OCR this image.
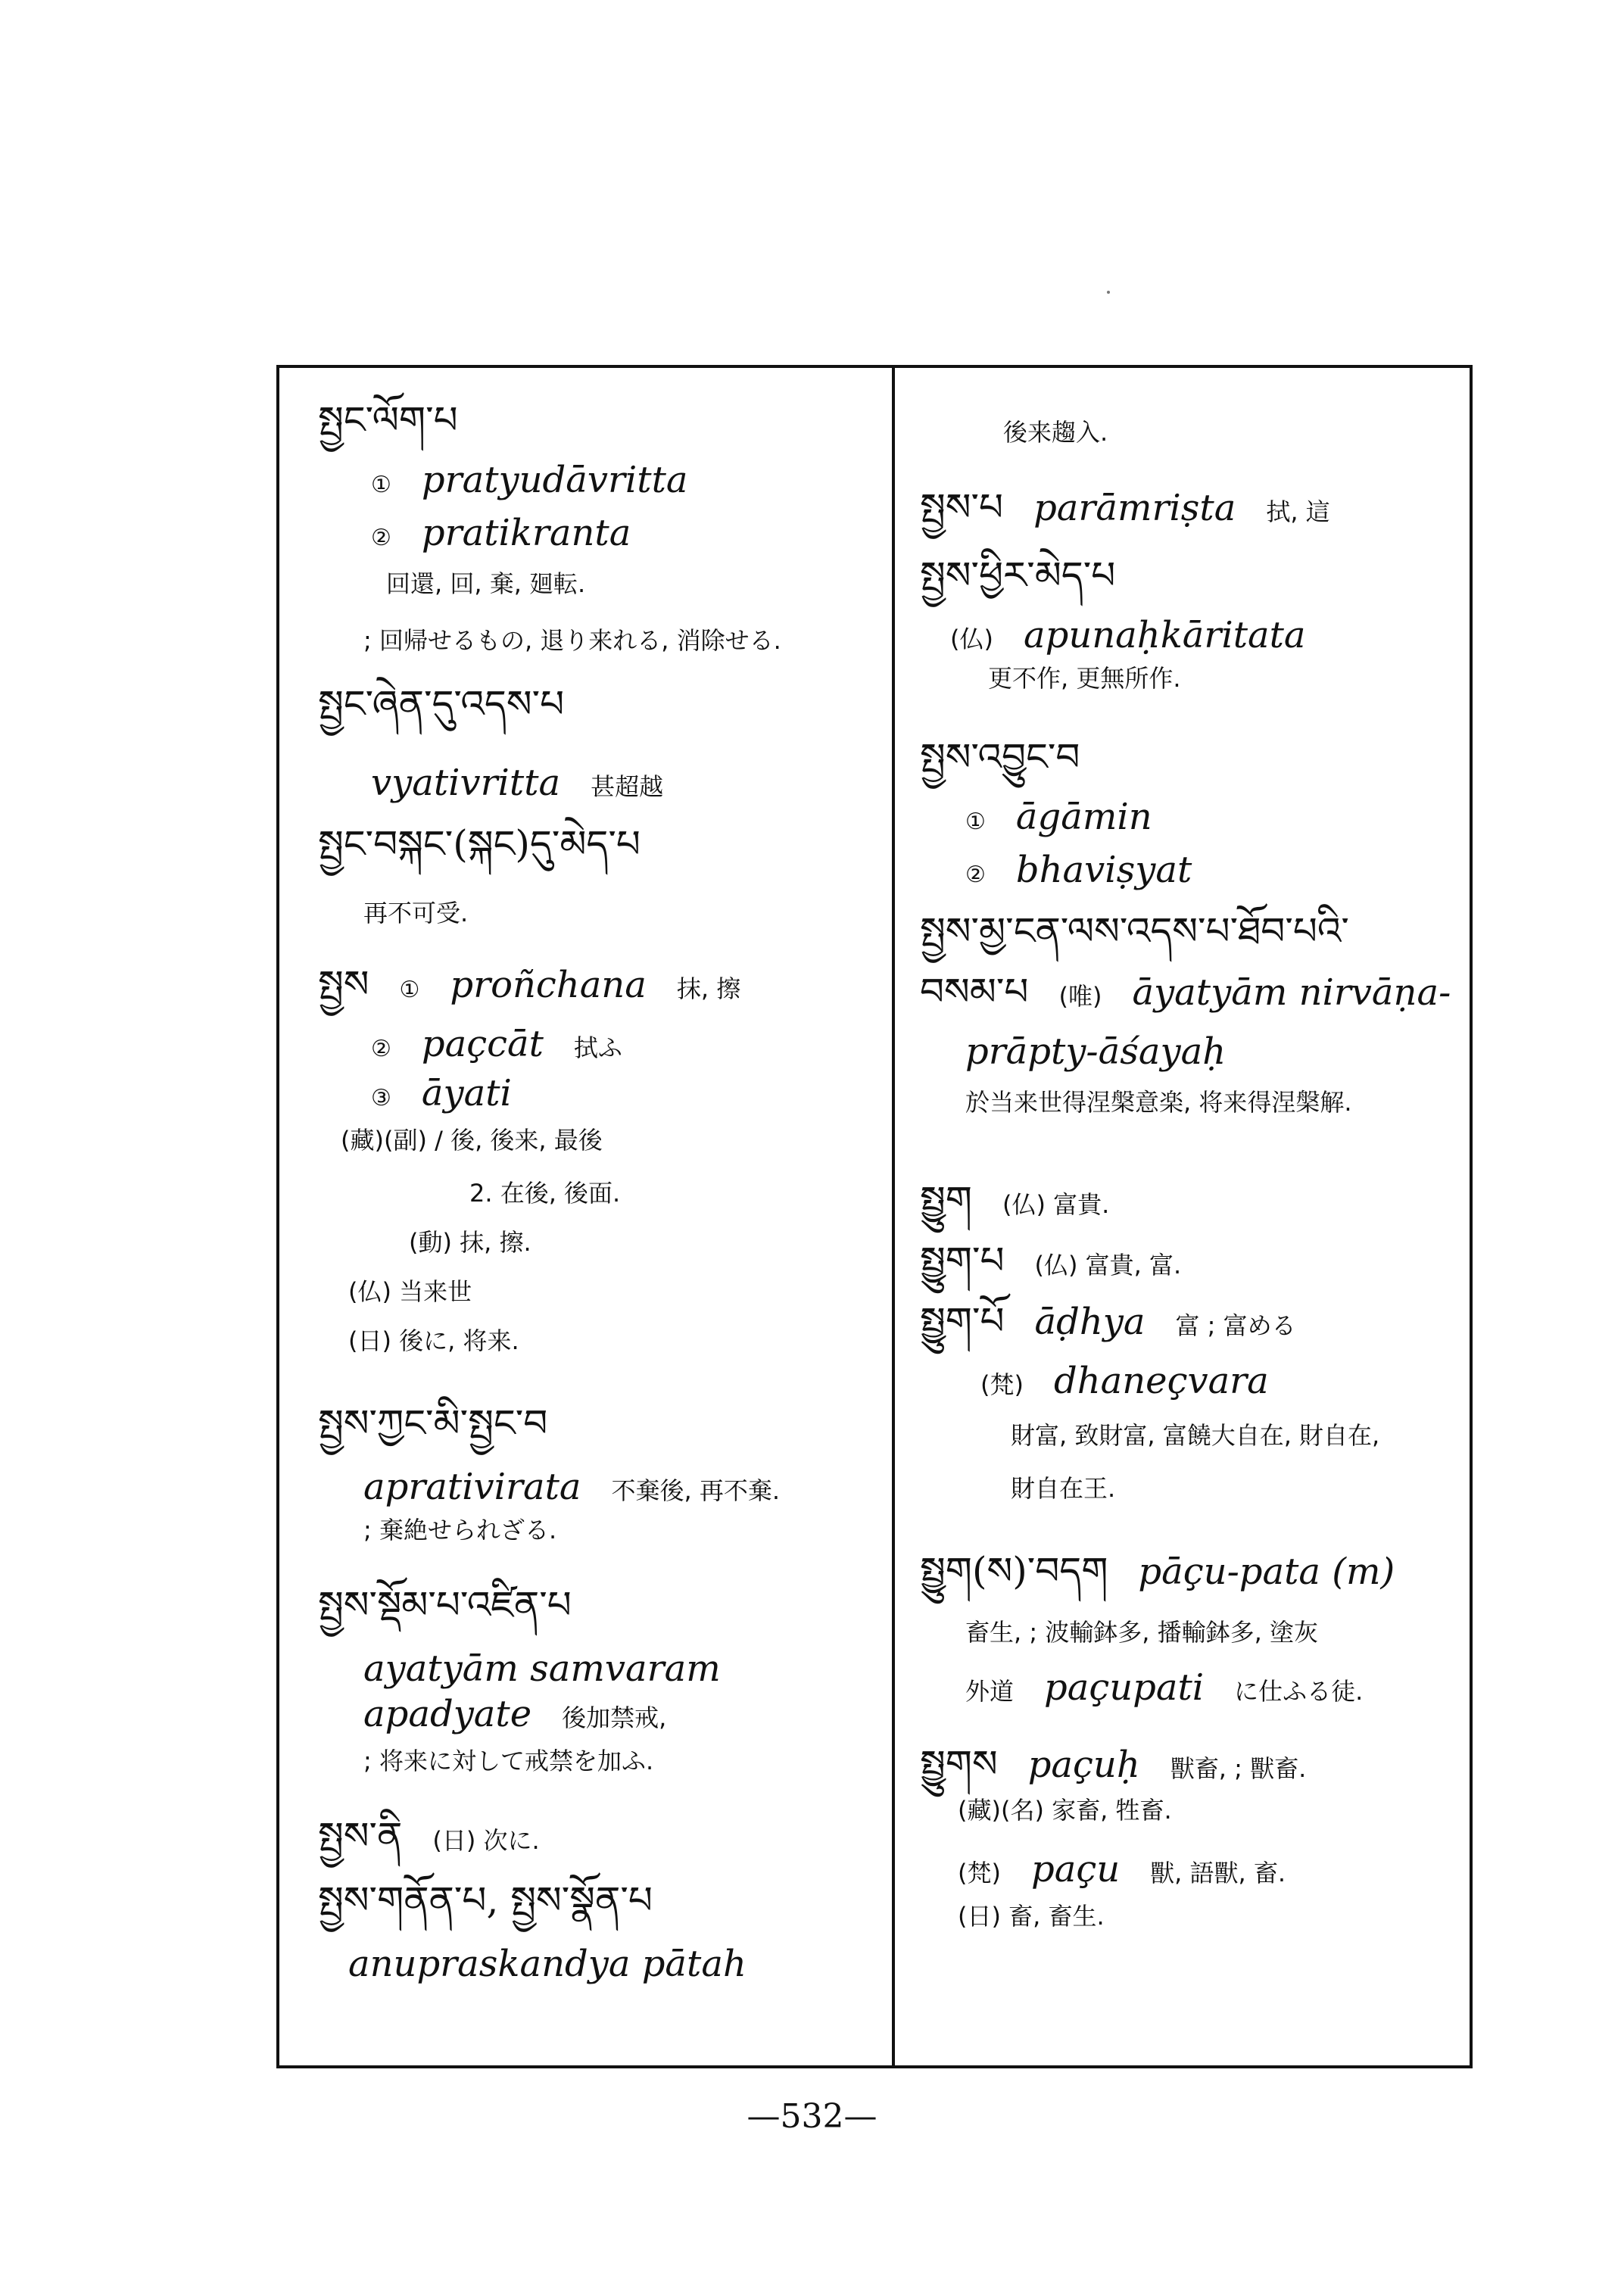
སྤྱང་ལོག་པ
① pratyudāvritta
② pratikranta
回還, 回, 棄, 廻転.
; 回帰せるもの, 退り来れる, 消除せる.
སྤྱང་ཞེན་དུ་འདས་པ
vyativritta 甚超越
སྤྱང་བསྐང་(སྐང)དུ་མེད་པ
再不可受.
སྤྱས ① proñchana 抹, 擦
② paçcāt 拭ふ
③ āyati
(藏)(副) / 後, 後来, 最後
2. 在後, 後面.
(動) 抹, 擦.
(仏) 当来世
(日) 後に, 将来.
སྤྱས་ཀྱང་མི་སྤྱང་བ
aprativirata 不棄後, 再不棄.
; 棄絶せられざる.
སྤྱས་སྡོམ་པ་འཛིན་པ
ayatyām samvaram
apadyate 後加禁戒,
; 将来に対して戒禁を加ふ.
སྤྱས་ནི (日) 次に.
སྤྱས་གནོན་པ, སྤྱས་སྣོན་པ
anupraskandya pātah
後来趨入.
སྤྱས་པ parāmriṣta 拭, 這
སྤྱས་ཕྱིར་མེད་པ
(仏) apunaḥkāritata
更不作, 更無所作.
སྤྱས་འབྱུང་བ
① āgāmin
② bhaviṣyat
སྤྱས་མྱ་ངན་ལས་འདས་པ་ཐོབ་པའི་
བསམ་པ (唯) āyatyām nirvāṇa-
prāpty-āśayaḥ
於当来世得涅槃意楽, 将来得涅槃解.
སྤྱུག (仏) 富貴.
སྤྱུག་པ (仏) 富貴, 富.
སྤྱུག་པོ āḍhya 富 ; 富める
(梵) dhaneçvara
財富, 致財富, 富饒大自在, 財自在,
財自在王.
སྤྱུག(ས)་བདག pāçu-pata (m)
畜生, ; 波輸鉢多, 播輸鉢多, 塗灰
外道 paçupati に仕ふる徒.
སྤྱུགས paçuḥ 獸畜, ; 獸畜.
(藏)(名) 家畜, 牲畜.
(梵) paçu 獸, 語獸, 畜.
(日) 畜, 畜生.
—532—
